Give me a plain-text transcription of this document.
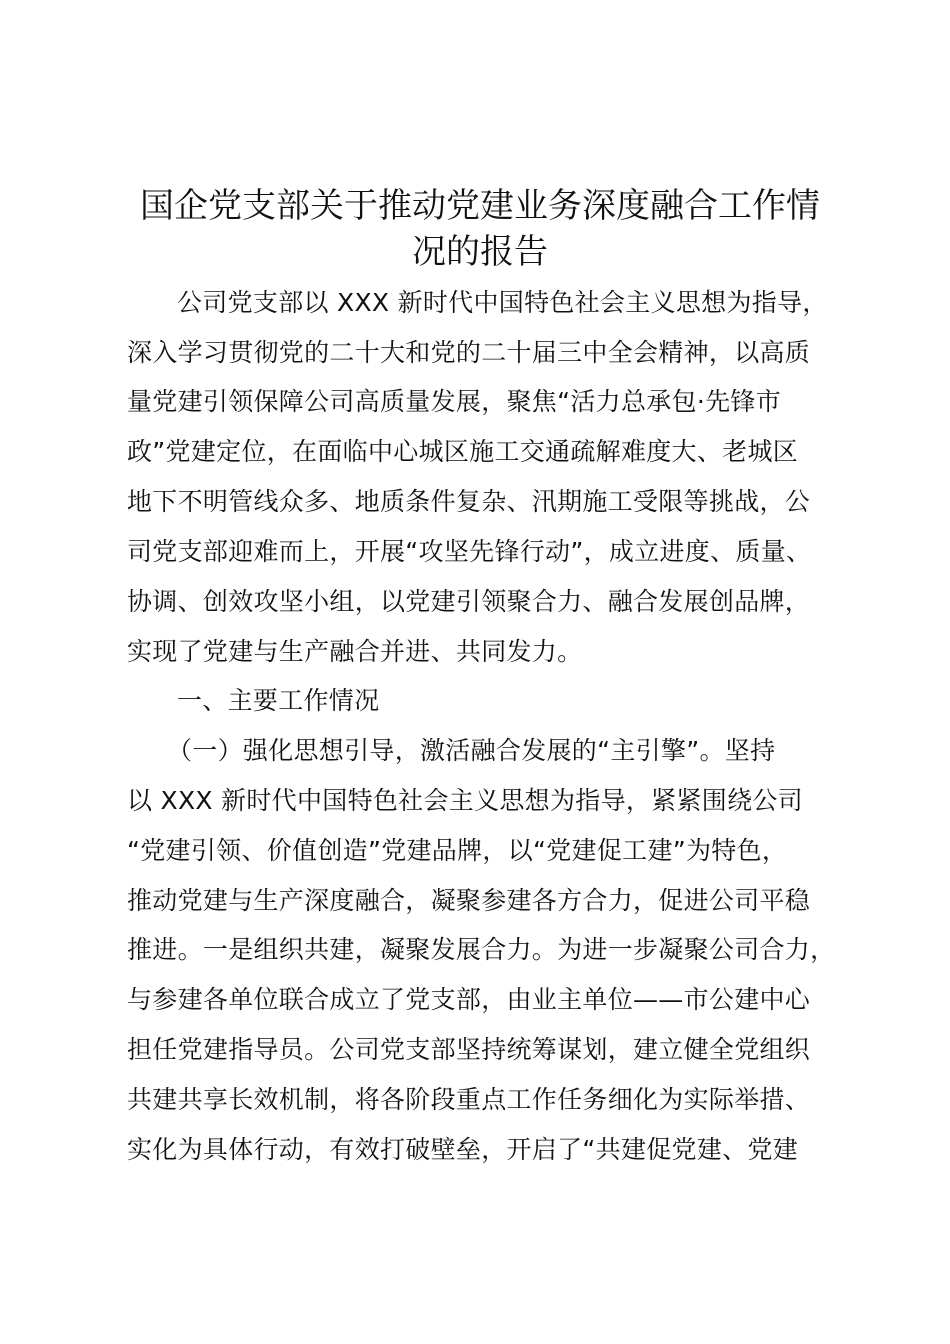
国企党支部关于推动党建业务深度融合工作情
况的报告

公司党支部以 XXX 新时代中国特色社会主义思想为指导，

深入学习贯彻党的二十大和党的二十届三中全会精神，以高质

量党建引领保障公司高质量发展，聚焦“活力总承包·先锋市

政”党建定位，在面临中心城区施工交通疏解难度大、老城区

地下不明管线众多、地质条件复杂、汛期施工受限等挑战，公

司党支部迎难而上，开展“攻坚先锋行动”，成立进度、质量、

协调、创效攻坚小组，以党建引领聚合力、融合发展创品牌，

实现了党建与生产融合并进、共同发力。

一、主要工作情况

（一）强化思想引导，激活融合发展的“主引擎”。坚持

以 XXX 新时代中国特色社会主义思想为指导，紧紧围绕公司

“党建引领、价值创造”党建品牌，以“党建促工建”为特色，

推动党建与生产深度融合，凝聚参建各方合力，促进公司平稳

推进。一是组织共建，凝聚发展合力。为进一步凝聚公司合力，

与参建各单位联合成立了党支部，由业主单位——市公建中心

担任党建指导员。公司党支部坚持统筹谋划，建立健全党组织

共建共享长效机制，将各阶段重点工作任务细化为实际举措、

实化为具体行动，有效打破壁垒，开启了“共建促党建、党建
